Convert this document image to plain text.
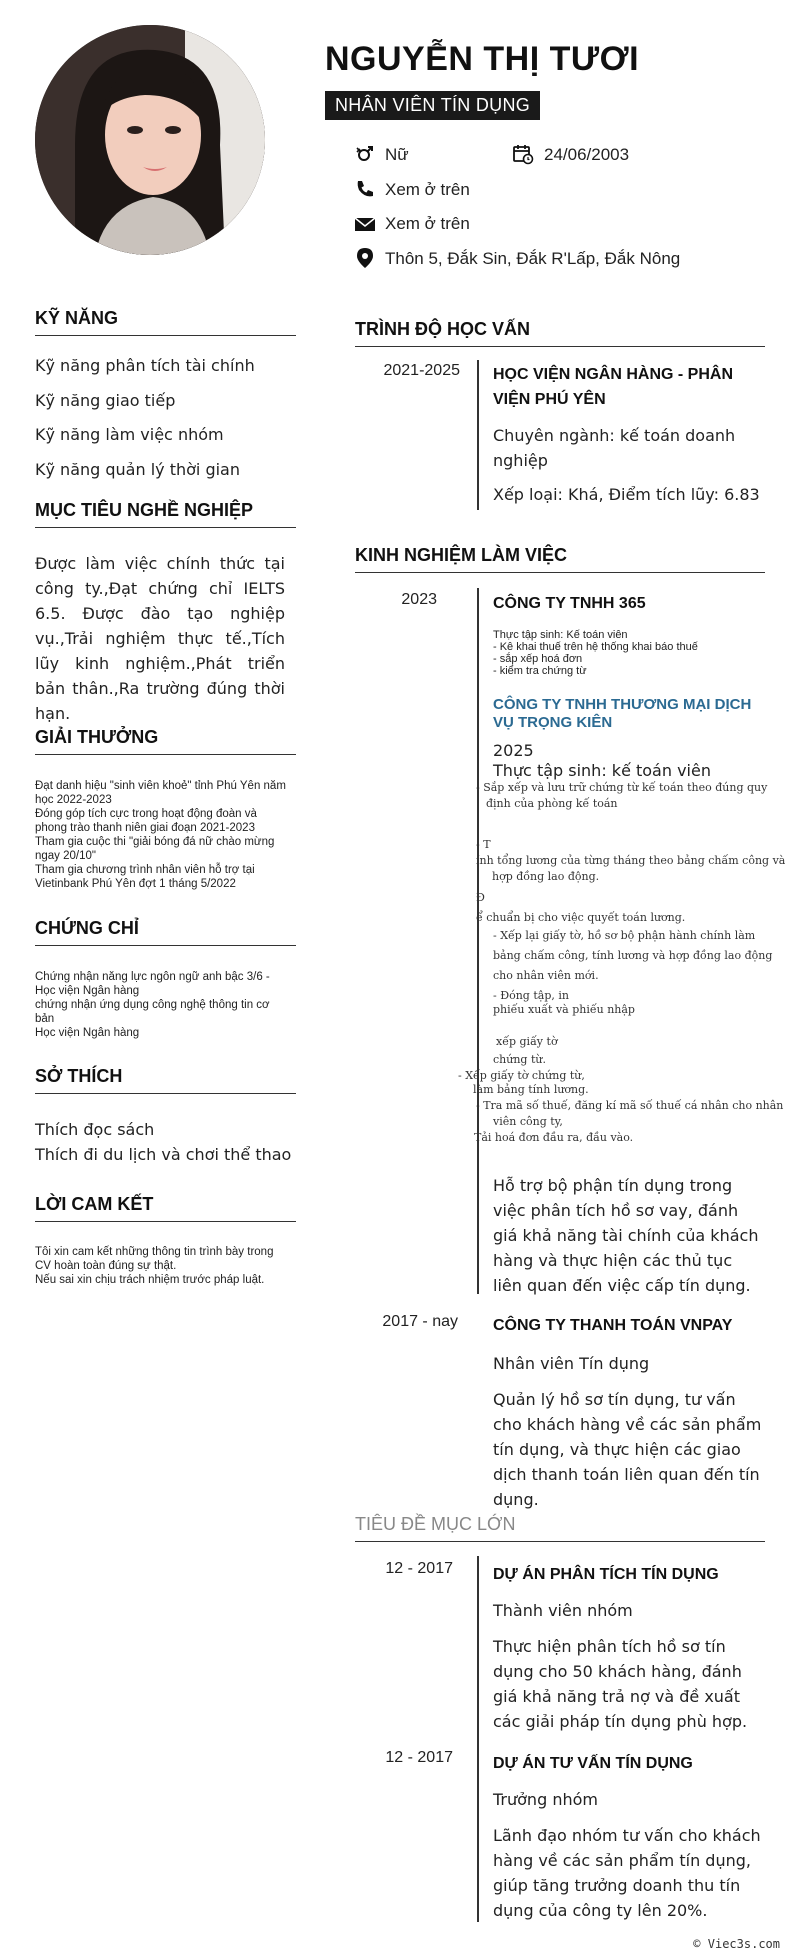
NGUYỄN THỊ TƯƠI
NHÂN VIÊN TÍN DỤNG
Nữ	24/06/2003
Xem ở trên
Xem ở trên
Thôn 5, Đắk Sin, Đắk R'Lấp, Đắk Nông
KỸ NĂNG
Kỹ năng phân tích tài chính
Kỹ năng giao tiếp
Kỹ năng làm việc nhóm
Kỹ năng quản lý thời gian
MỤC TIÊU NGHỀ NGHIỆP
Được làm việc chính thức tại công ty.,Đạt chứng chỉ IELTS 6.5. Được đào tạo nghiệp vụ.,Trải nghiệm thực tế.,Tích lũy kinh nghiệm.,Phát triển bản thân.,Ra trường đúng thời hạn.
GIẢI THƯỞNG
Đạt danh hiệu "sinh viên khoẻ" tỉnh Phú Yên năm học 2022-2023
Đóng góp tích cực trong hoạt động đoàn và phong trào thanh niên giai đoạn 2021-2023
Tham gia cuộc thi "giải bóng đá nữ chào mừng ngay 20/10"
Tham gia chương trình nhân viên hỗ trợ tại Vietinbank Phú Yên đợt 1 tháng 5/2022
CHỨNG CHỈ
Chứng nhận năng lực ngôn ngữ anh bậc 3/6 - Học viện Ngân hàng
chứng nhận ứng dụng công nghệ thông tin cơ bản
Học viện Ngân hàng
SỞ THÍCH
Thích đọc sách
Thích đi du lịch và chơi thể thao
LỜI CAM KẾT
Tôi xin cam kết những thông tin trình bày trong CV hoàn toàn đúng sự thật.
Nếu sai xin chịu trách nhiệm trước pháp luật.
TRÌNH ĐỘ HỌC VẤN
2021-2025 HỌC VIỆN NGÂN HÀNG - PHÂN VIỆN PHÚ YÊN
Chuyên ngành: kế toán doanh nghiệp
Xếp loại: Khá, Điểm tích lũy: 6.83
KINH NGHIỆM LÀM VIỆC
2023	CÔNG TY TNHH 365
Thực tập sinh: Kế toán viên
- Kê khai thuế trên hệ thống khai báo thuế
- sắp xếp hoá đơn
- kiểm tra chứng từ
CÔNG TY TNHH THƯƠNG MẠI DỊCH VỤ TRỌNG KIÊN
2025
Thực tập sinh: kế toán viên
- Sắp xếp và lưu trữ chứng từ kế toán theo đúng quy
định của phòng kế toán
- T
ính tổng lương của từng tháng theo bảng chấm công và
hợp đồng lao động.
Đ
ể chuẩn bị cho việc quyết toán lương.
- Xếp lại giấy tờ, hồ sơ bộ phận hành chính làm
bảng chấm công, tính lương và hợp đồng lao động
cho nhân viên mới.
- Đóng tập, in
phiếu xuất và phiếu nhập
xếp giấy tờ
chứng từ.
- Xếp giấy tờ chứng từ,
làm bảng tính lương.
- Tra mã số thuế, đăng kí mã số thuế cá nhân cho nhân
viên công ty,
Tải hoá đơn đầu ra, đầu vào.
Hỗ trợ bộ phận tín dụng trong việc phân tích hồ sơ vay, đánh giá khả năng tài chính của khách hàng và thực hiện các thủ tục liên quan đến việc cấp tín dụng.
2017 - nay CÔNG TY THANH TOÁN VNPAY
Nhân viên Tín dụng
Quản lý hồ sơ tín dụng, tư vấn cho khách hàng về các sản phẩm tín dụng, và thực hiện các giao dịch thanh toán liên quan đến tín dụng.
TIÊU ĐỀ MỤC LỚN
12 - 2017	DỰ ÁN PHÂN TÍCH TÍN DỤNG
Thành viên nhóm
Thực hiện phân tích hồ sơ tín dụng cho 50 khách hàng, đánh giá khả năng trả nợ và đề xuất các giải pháp tín dụng phù hợp.
12 - 2017	DỰ ÁN TƯ VẤN TÍN DỤNG
Trưởng nhóm
Lãnh đạo nhóm tư vấn cho khách hàng về các sản phẩm tín dụng, giúp tăng trưởng doanh thu tín dụng của công ty lên 20%.
© Viec3s.com
